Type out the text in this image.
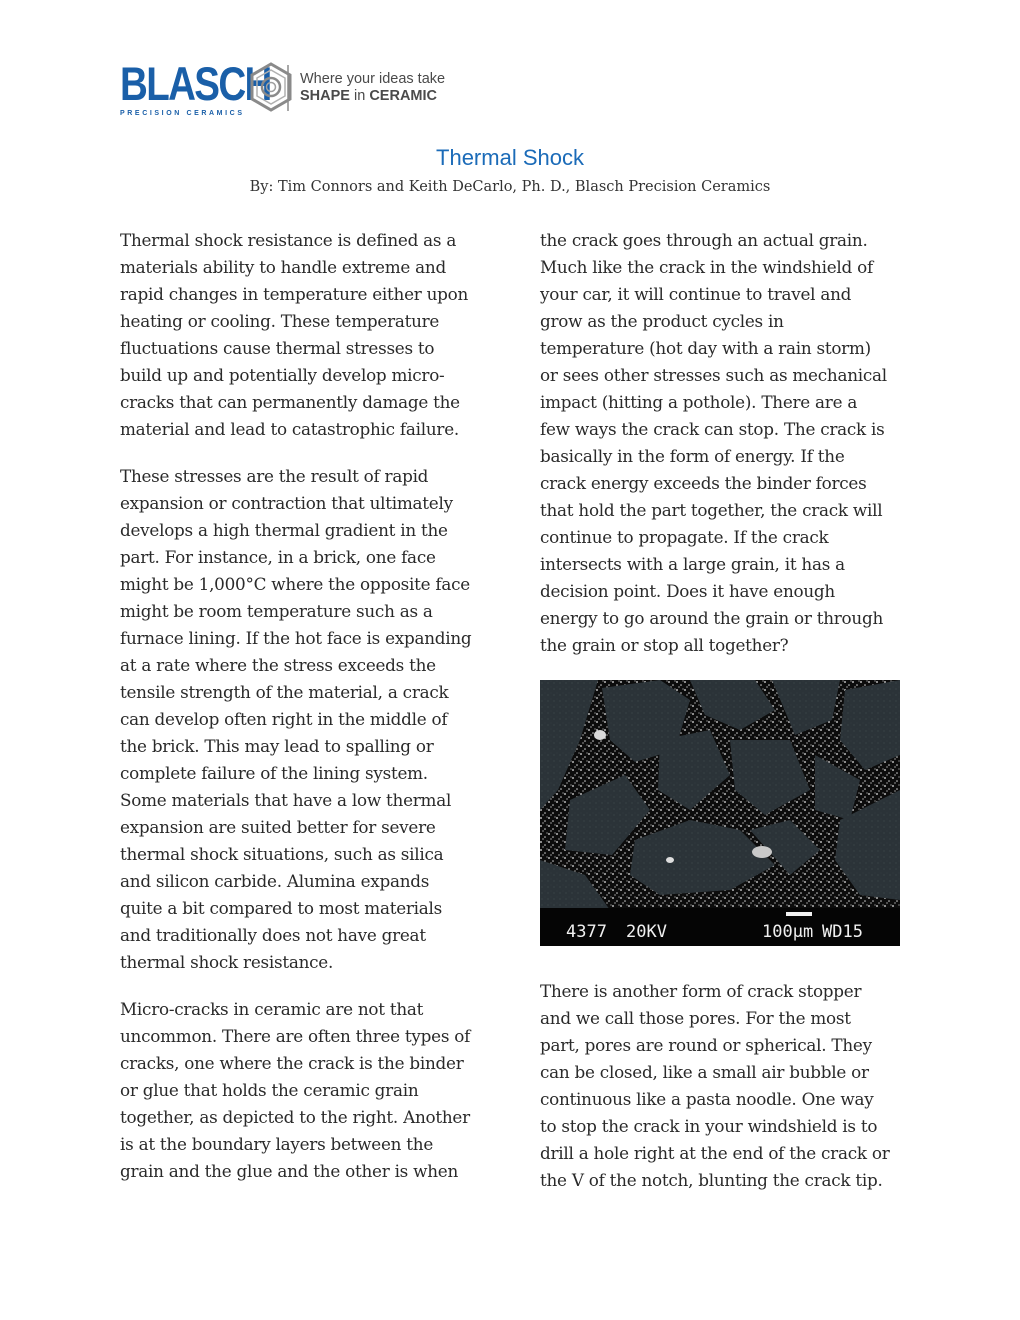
BLASCH
PRECISION CERAMICS
Where your ideas take
SHAPE in CERAMIC
Thermal Shock
By: Tim Connors and Keith DeCarlo, Ph. D., Blasch Precision Ceramics

Thermal shock resistance is defined as a
materials ability to handle extreme and
rapid changes in temperature either upon
heating or cooling. These temperature
fluctuations cause thermal stresses to
build up and potentially develop micro-
cracks that can permanently damage the
material and lead to catastrophic failure.

These stresses are the result of rapid
expansion or contraction that ultimately
develops a high thermal gradient in the
part. For instance, in a brick, one face
might be 1,000°C where the opposite face
might be room temperature such as a
furnace lining. If the hot face is expanding
at a rate where the stress exceeds the
tensile strength of the material, a crack
can develop often right in the middle of
the brick. This may lead to spalling or
complete failure of the lining system.
Some materials that have a low thermal
expansion are suited better for severe
thermal shock situations, such as silica
and silicon carbide. Alumina expands
quite a bit compared to most materials
and traditionally does not have great
thermal shock resistance.

Micro-cracks in ceramic are not that
uncommon. There are often three types of
cracks, one where the crack is the binder
or glue that holds the ceramic grain
together, as depicted to the right. Another
is at the boundary layers between the
grain and the glue and the other is when

the crack goes through an actual grain.
Much like the crack in the windshield of
your car, it will continue to travel and
grow as the product cycles in
temperature (hot day with a rain storm)
or sees other stresses such as mechanical
impact (hitting a pothole). There are a
few ways the crack can stop. The crack is
basically in the form of energy. If the
crack energy exceeds the binder forces
that hold the part together, the crack will
continue to propagate. If the crack
intersects with a large grain, it has a
decision point. Does it have enough
energy to go around the grain or through
the grain or stop all together?

4377 20KV	100µm WD15

There is another form of crack stopper
and we call those pores. For the most
part, pores are round or spherical. They
can be closed, like a small air bubble or
continuous like a pasta noodle. One way
to stop the crack in your windshield is to
drill a hole right at the end of the crack or
the V of the notch, blunting the crack tip.
